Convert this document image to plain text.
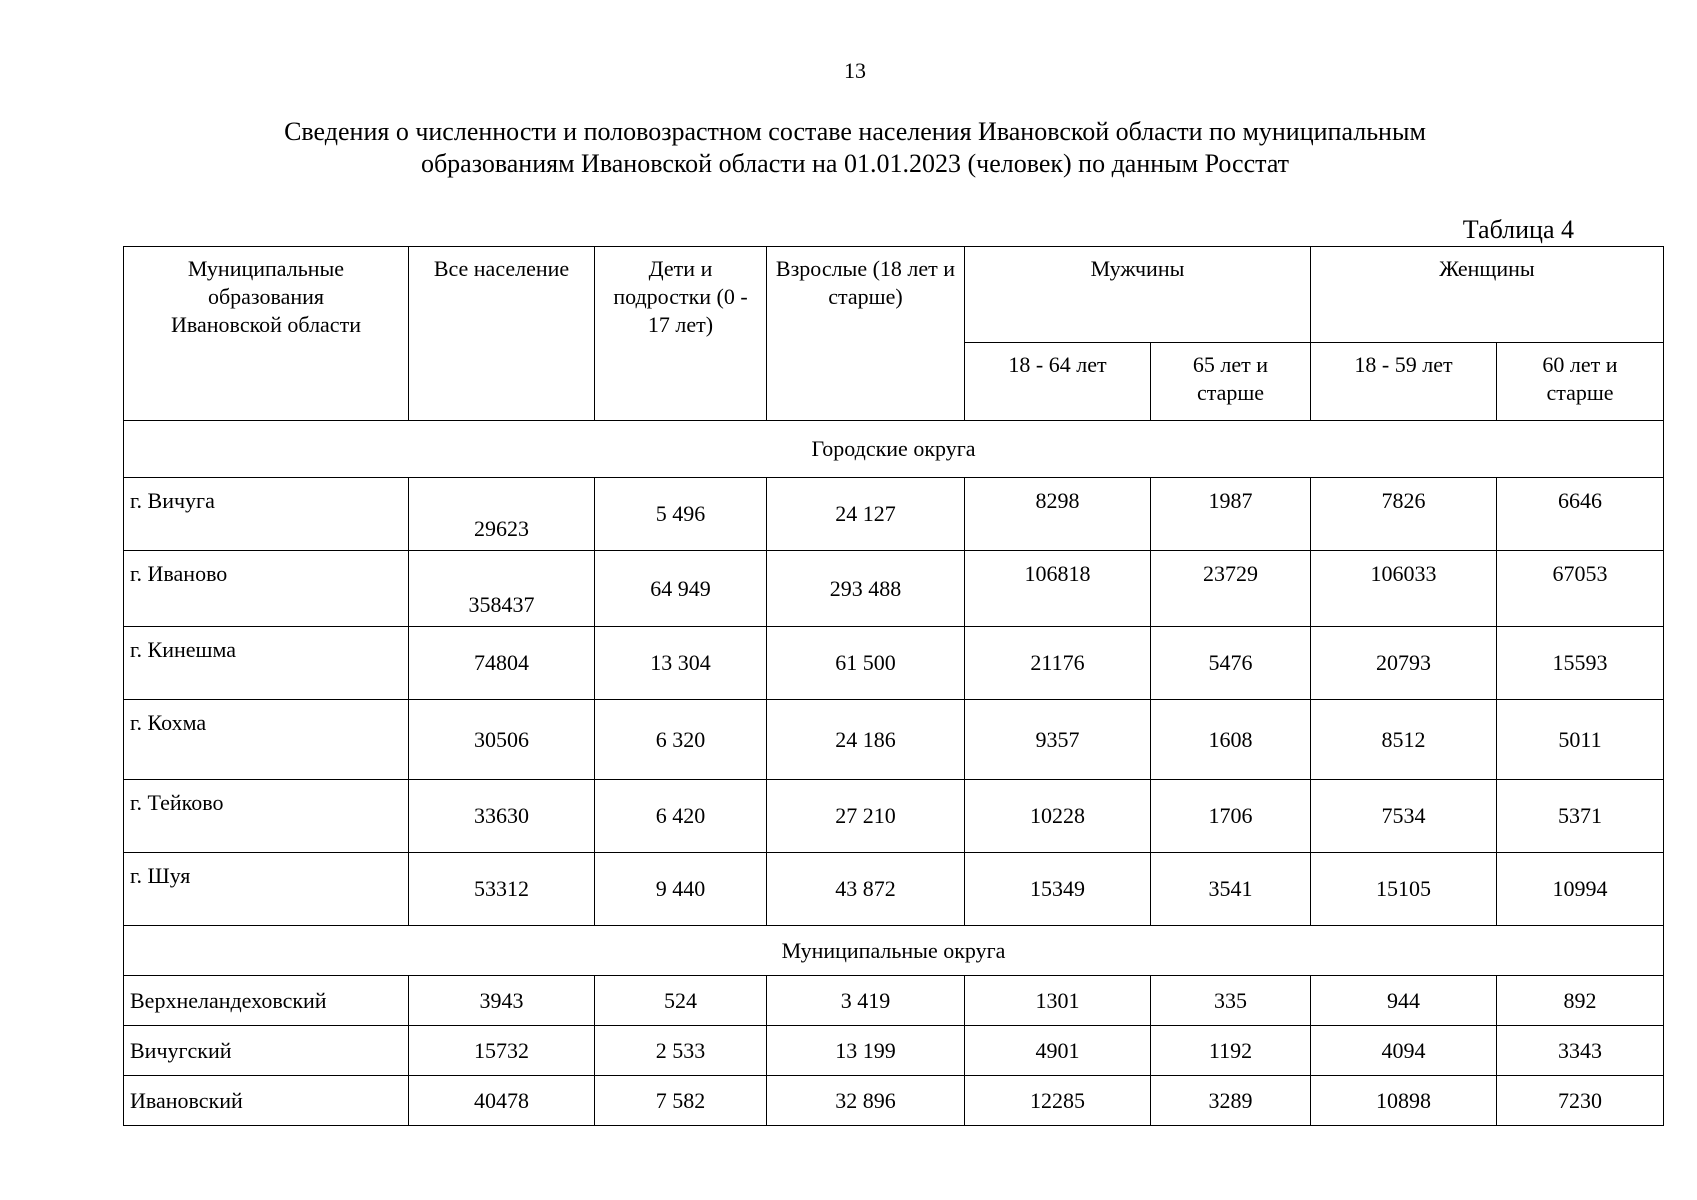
13
Сведения о численности и половозрастном составе населения Ивановской области по муниципальным
образованиям Ивановской области на 01.01.2023 (человек) по данным Росстат
Таблица 4
Муниципальные образования Ивановской области	Все население	Дети и подростки (0 - 17 лет)	Взрослые (18 лет и старше)	Мужчины		Женщины	
				18 - 64 лет	65 лет и старше	18 - 59 лет	60 лет и старше
Городские округа							
г. Вичуга	29623	5 496	24 127	8298	1987	7826	6646
г. Иваново	358437	64 949	293 488	106818	23729	106033	67053
г. Кинешма	74804	13 304	61 500	21176	5476	20793	15593
г. Кохма	30506	6 320	24 186	9357	1608	8512	5011
г. Тейково	33630	6 420	27 210	10228	1706	7534	5371
г. Шуя	53312	9 440	43 872	15349	3541	15105	10994
Муниципальные округа							
Верхнеландеховский	3943	524	3 419	1301	335	944	892
Вичугский	15732	2 533	13 199	4901	1192	4094	3343
Ивановский	40478	7 582	32 896	12285	3289	10898	7230
